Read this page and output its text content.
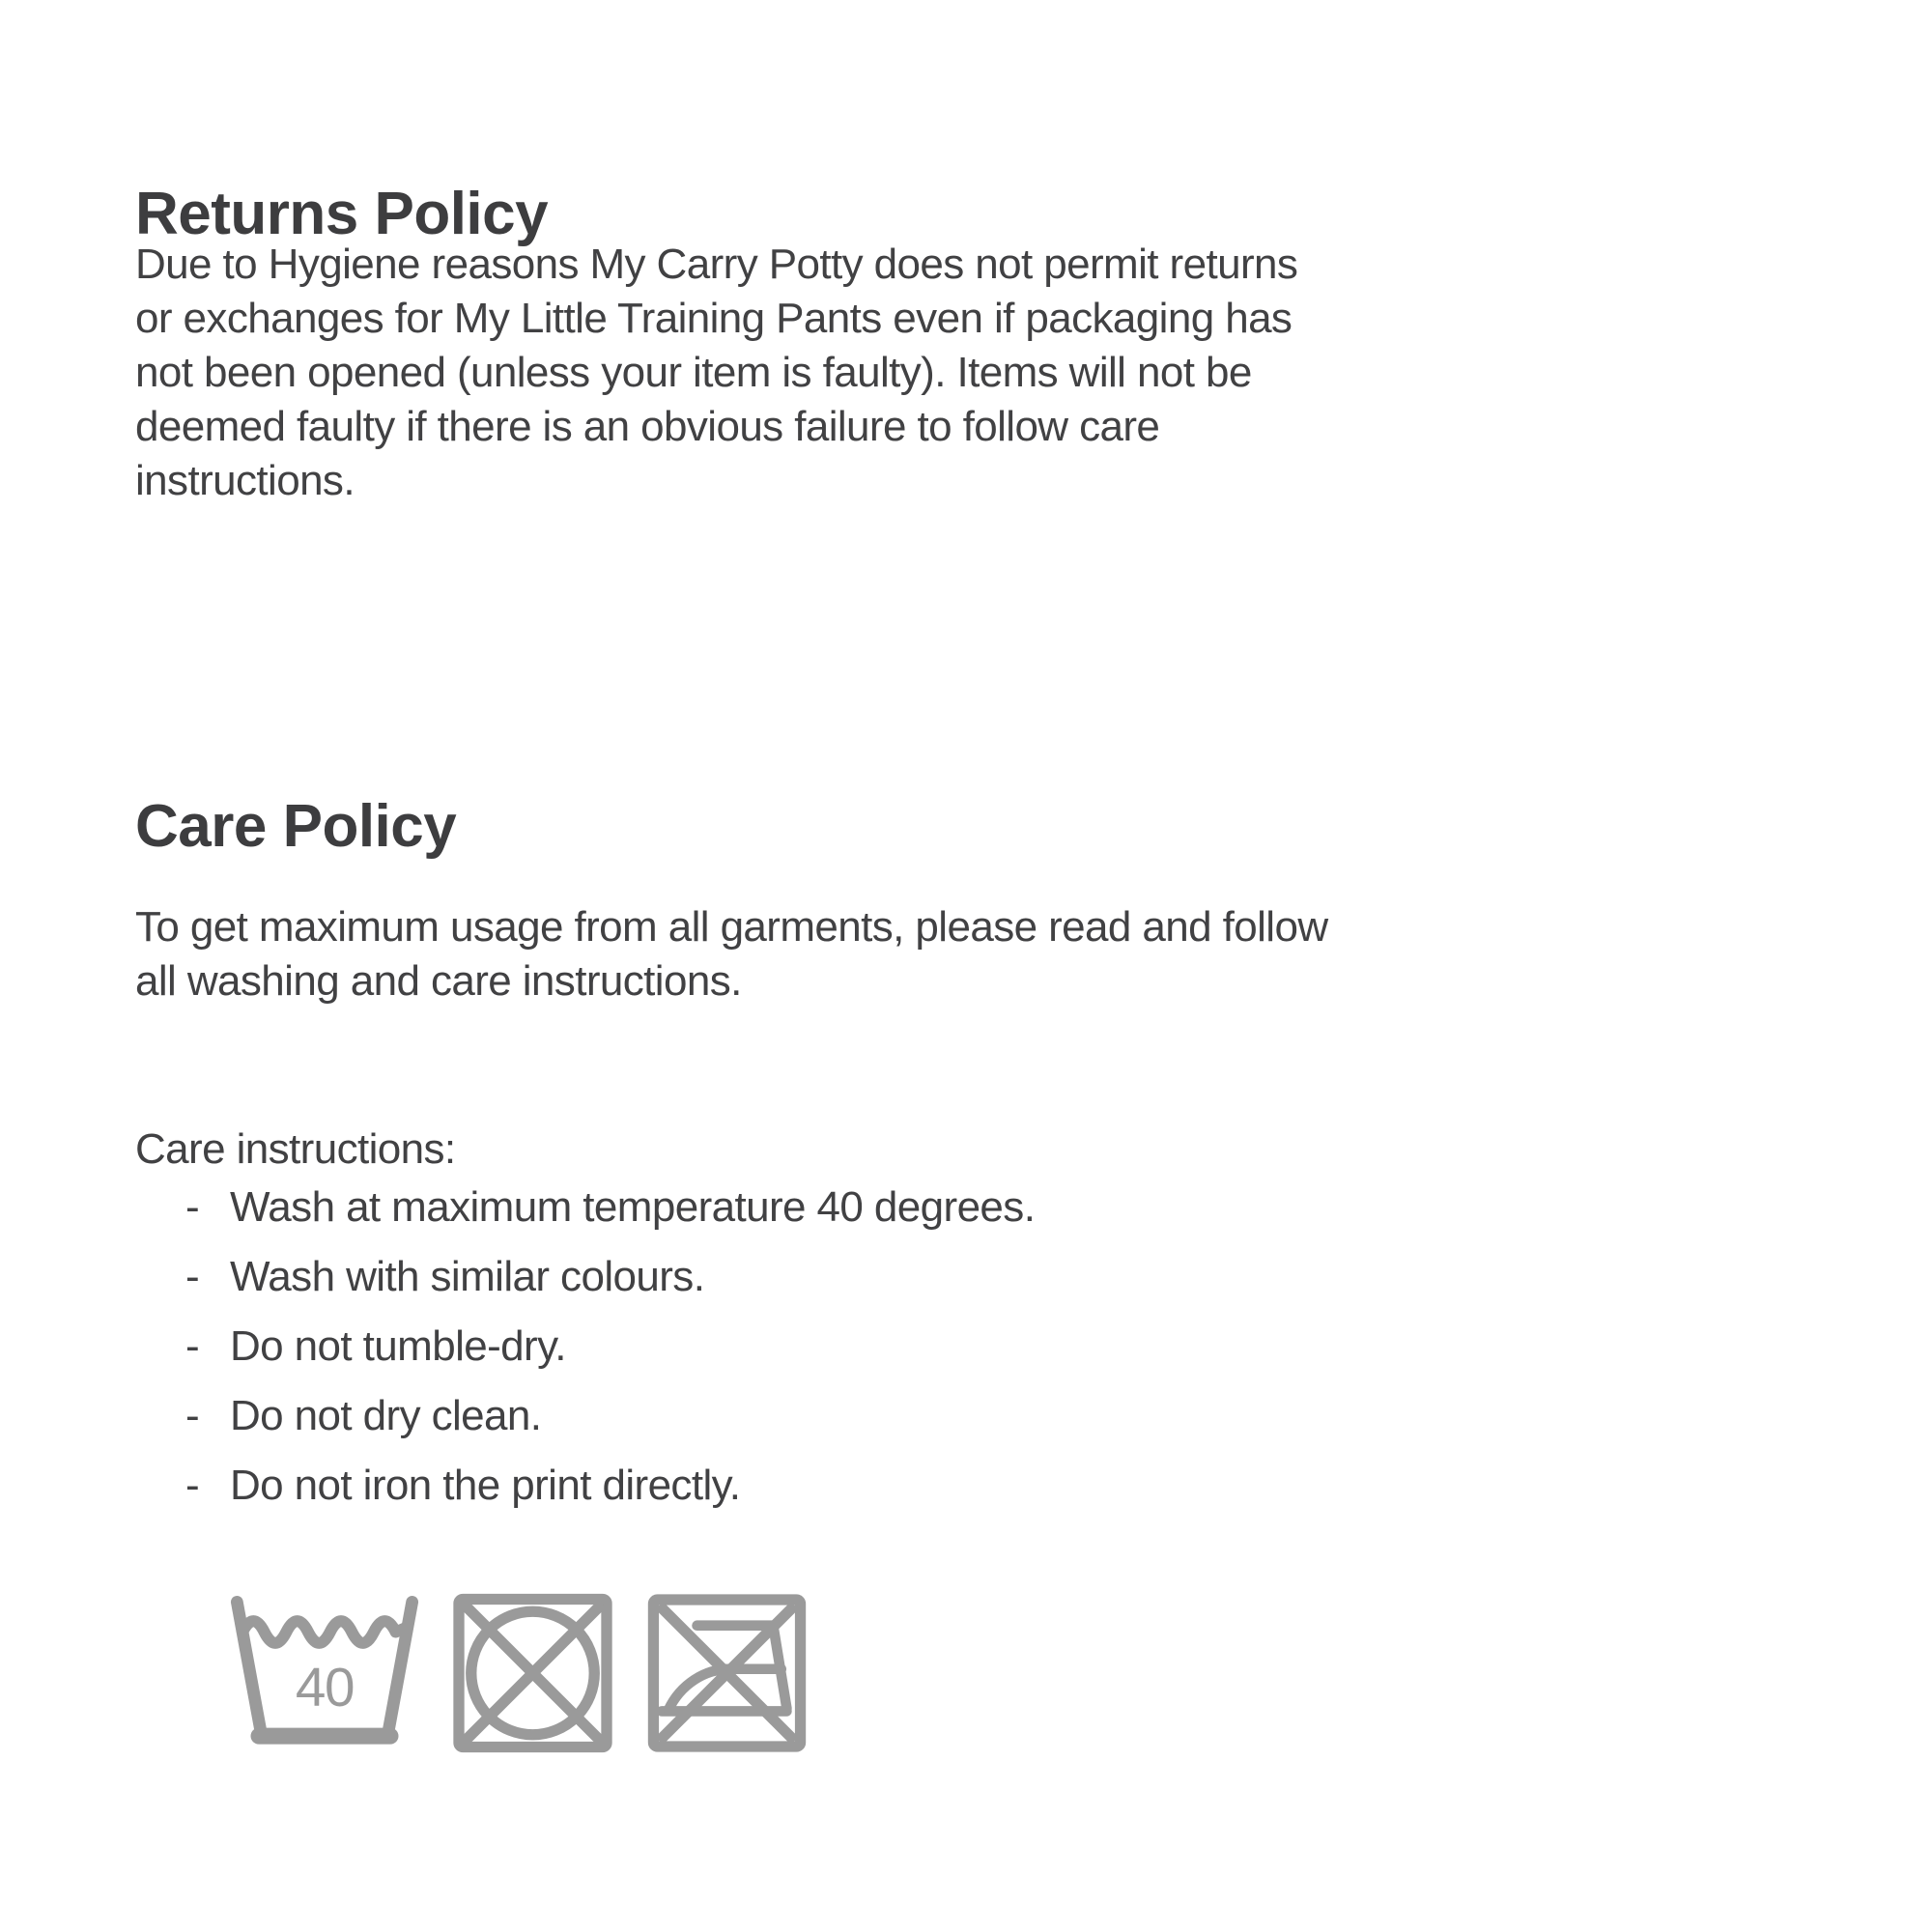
Returns Policy
Due to Hygiene reasons My Carry Potty does not permit returns
or exchanges for My Little Training Pants even if packaging has
not been opened (unless your item is faulty). Items will not be
deemed faulty if there is an obvious failure to follow care
instructions.
Care Policy
To get maximum usage from all garments, please read and follow
all washing and care instructions.
Care instructions:
- Wash at maximum temperature 40 degrees.
- Wash with similar colours.
- Do not tumble-dry.
- Do not dry clean.
- Do not iron the print directly.
40
